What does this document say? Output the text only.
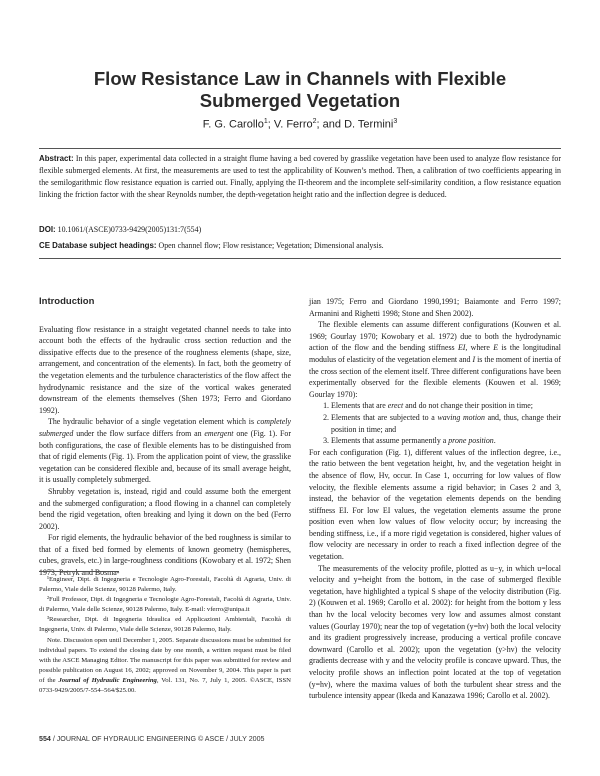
Flow Resistance Law in Channels with Flexible
Submerged Vegetation
F. G. Carollo$^1$; V. Ferro$^2$; and D. Termini$^3$
Abstract: In this paper, experimental data collected in a straight flume having a bed covered by grasslike vegetation have been used to analyze flow resistance for flexible submerged elements. At first, the measurements are used to test the applicability of Kouwen’s method. Then, a calibration of two coefficients appearing in the semilogarithmic flow resistance equation is carried out. Finally, applying the Π-theorem and the incomplete self-similarity condition, a flow resistance equation linking the friction factor with the shear Reynolds number, the depth-vegetation height ratio and the inflection degree is deduced.
DOI: 10.1061/(ASCE)0733-9429(2005)131:7(554)
CE Database subject headings: Open channel flow; Flow resistance; Vegetation; Dimensional analysis.
Introduction

Evaluating flow resistance in a straight vegetated channel needs to take into account both the effects of the hydraulic cross section reduction and the dissipative effects due to the presence of the roughness elements (shape, size, arrangement, and concentration of the elements). In fact, both the geometry of the vegetation elements and the turbulence characteristics of the flow affect the hydrodynamic resistance and the size of the vortical wakes generated downstream of the elements themselves (Shen 1973; Ferro and Giordano 1992).

The hydraulic behavior of a single vegetation element which is completely submerged under the flow surface differs from an emergent one (Fig. 1). For both configurations, the case of flexible elements has to be distinguished from that of rigid elements (Fig. 1). From the application point of view, the grasslike vegetation can be considered flexible and, because of its small average height, it is usually completely submerged.

Shrubby vegetation is, instead, rigid and could assume both the emergent and the submerged configuration; a flood flowing in a channel can completely bend the rigid vegetation, often breaking and lying it down on the bed (Ferro 2002).

For rigid elements, the hydraulic behavior of the bed roughness is similar to that of a fixed bed formed by elements of known geometry (hemispheres, cubes, gravels, etc.) in large-roughness conditions (Kowobary et al. 1972; Shen 1973; Petryk and Bosma-

¹Engineer, Dipt. di Ingegneria e Tecnologie Agro-Forestali, Facoltà di Agraria, Univ. di Palermo, Viale delle Scienze, 90128 Palermo, Italy.

²Full Professor, Dipt. di Ingegneria e Tecnologie Agro-Forestali, Facoltà di Agraria, Univ. di Palermo, Viale delle Scienze, 90128 Palermo, Italy. E-mail: vferro@unipa.it

³Researcher, Dipt. di Ingegneria Idraulica ed Applicazioni Ambientali, Facoltà di Ingegneria, Univ. di Palermo, Viale delle Scienze, 90128 Palermo, Italy.

Note. Discussion open until December 1, 2005. Separate discussions must be submitted for individual papers. To extend the closing date by one month, a written request must be filed with the ASCE Managing Editor. The manuscript for this paper was submitted for review and possible publication on August 16, 2002; approved on November 9, 2004. This paper is part of the Journal of Hydraulic Engineering, Vol. 131, No. 7, July 1, 2005. ©ASCE, ISSN 0733-9429/2005/7-554–564/$25.00.

jian 1975; Ferro and Giordano 1990,1991; Baiamonte and Ferro 1997; Armanini and Righetti 1998; Stone and Shen 2002).

The flexible elements can assume different configurations (Kouwen et al. 1969; Gourlay 1970; Kowobary et al. 1972) due to both the hydrodynamic action of the flow and the bending stiffness EI, where E is the longitudinal modulus of elasticity of the vegetation element and I is the moment of inertia of the cross section of the element itself. Three different configurations have been experimentally observed for the flexible elements (Kouwen et al. 1969; Gourlay 1970):

1. Elements that are erect and do not change their position in time;
2. Elements that are subjected to a waving motion and, thus, change their position in time; and
3. Elements that assume permanently a prone position.

For each configuration (Fig. 1), different values of the inflection degree, i.e., the ratio between the bent vegetation height, hv, and the vegetation height in the absence of flow, Hv, occur. In Case 1, occurring for low values of flow velocity, the flexible elements assume a rigid behavior; in Cases 2 and 3, instead, the behavior of the vegetation elements depends on the bending stiffness EI. For low EI values, the vegetation elements assume the prone position even when low values of flow velocity occur; by increasing the bending stiffness, i.e., if a more rigid vegetation is considered, higher values of flow velocity are necessary in order to reach a fixed inflection degree of the vegetation.

The measurements of the velocity profile, plotted as u−y, in which u=local velocity and y=height from the bottom, in the case of submerged flexible vegetation, have highlighted a typical S shape of the velocity distribution (Fig. 2) (Kouwen et al. 1969; Carollo et al. 2002): for height from the bottom y less than hv the local velocity becomes very low and assumes almost constant values (Gourlay 1970); near the top of vegetation (y=hv) both the local velocity and its gradient progressively increase, producing a vertical profile concave downward (Carollo et al. 2002); upon the vegetation (y>hv) the velocity gradients decrease with y and the velocity profile is concave upward. Thus, the velocity profile shows an inflection point located at the top of vegetation (y=hv), where the maxima values of both the turbulent shear stress and the turbulence intensity appear (Ikeda and Kanazawa 1996; Carollo et al. 2002).

554 / JOURNAL OF HYDRAULIC ENGINEERING © ASCE / JULY 2005
